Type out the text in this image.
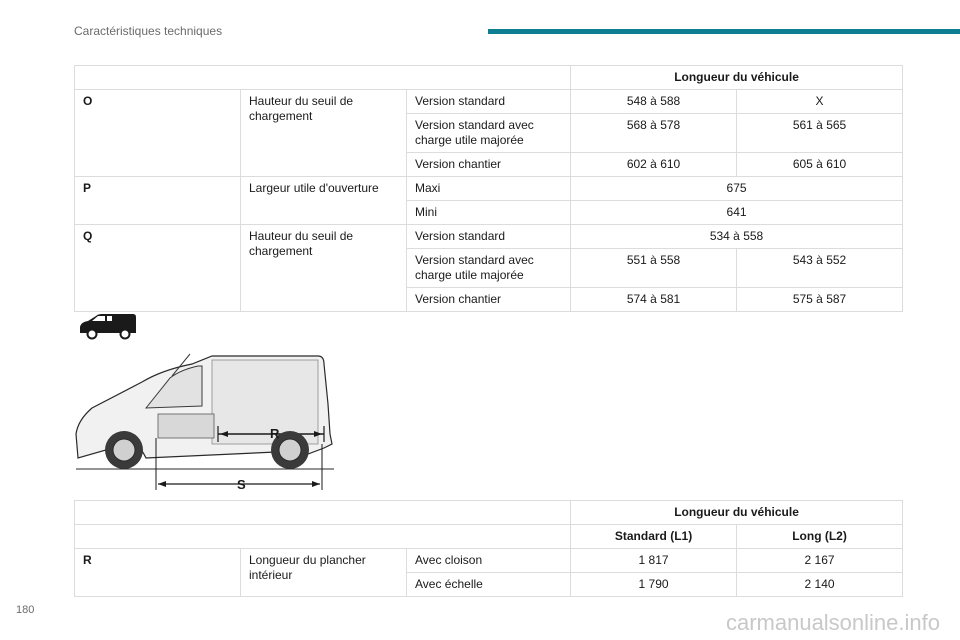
Caractéristiques techniques
			Longueur du véhicule	
O	Hauteur du seuil de chargement	Version standard	548 à 588	X
		Version standard avec charge utile majorée	568 à 578	561 à 565
		Version chantier	602 à 610	605 à 610
P	Largeur utile d'ouverture	Maxi	675	
		Mini	641	
Q	Hauteur du seuil de chargement	Version standard	534 à 558	
		Version standard avec charge utile majorée	551 à 558	543 à 552
		Version chantier	574 à 581	575 à 587
R
S
			Longueur du véhicule	
			Standard (L1)	Long (L2)
R	Longueur du plancher intérieur	Avec cloison	1 817	2 167
		Avec échelle	1 790	2 140
180	carmanualsonline.info
